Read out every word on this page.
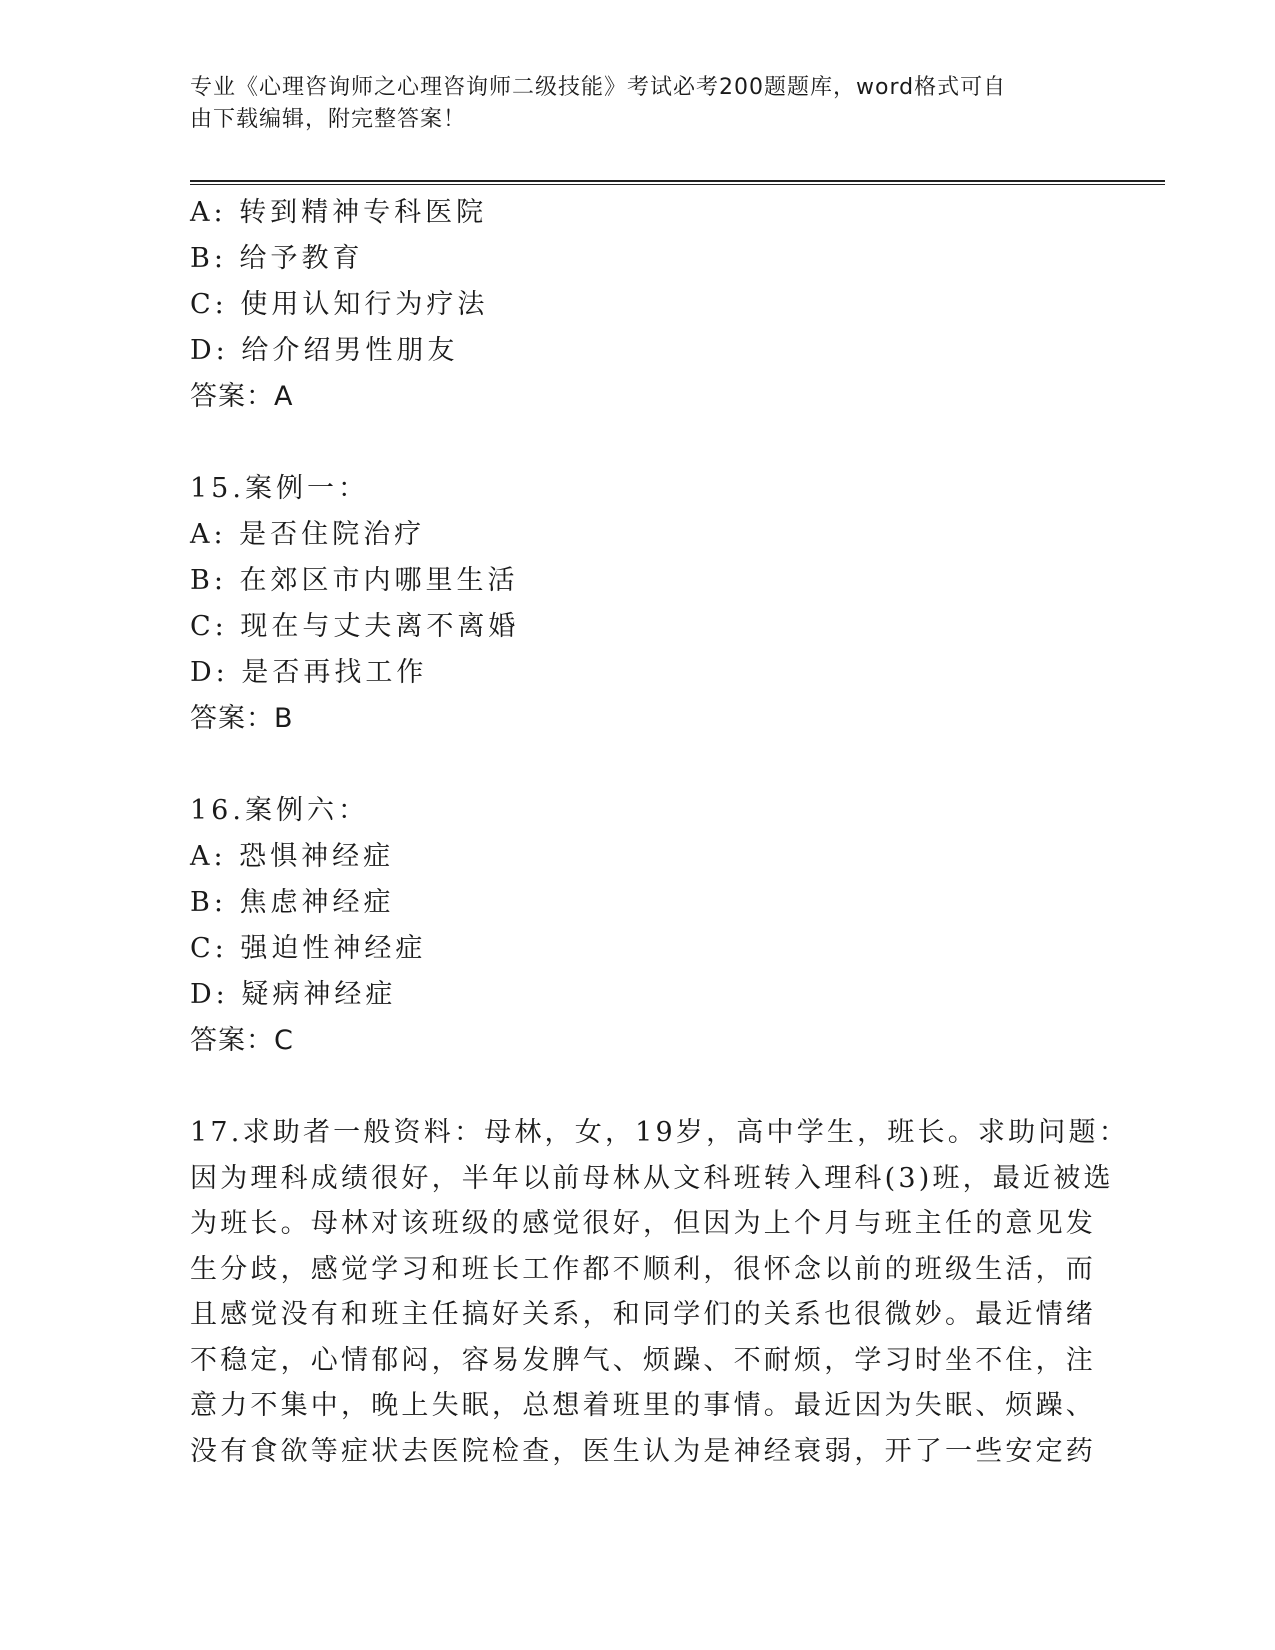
专业《心理咨询师之心理咨询师二级技能》考试必考200题题库，word格式可自
由下载编辑，附完整答案！
A: 转到精神专科医院
B: 给予教育
C: 使用认知行为疗法
D: 给介绍男性朋友
答案：A
15.案例一：
A: 是否住院治疗
B: 在郊区市内哪里生活
C: 现在与丈夫离不离婚
D: 是否再找工作
答案：B
16.案例六：
A: 恐惧神经症
B: 焦虑神经症
C: 强迫性神经症
D: 疑病神经症
答案：C
17.求助者一般资料：母林，女，19岁，高中学生，班长。求助问题：
因为理科成绩很好，半年以前母林从文科班转入理科(3)班，最近被选
为班长。母林对该班级的感觉很好，但因为上个月与班主任的意见发
生分歧，感觉学习和班长工作都不顺利，很怀念以前的班级生活，而
且感觉没有和班主任搞好关系，和同学们的关系也很微妙。最近情绪
不稳定，心情郁闷，容易发脾气、烦躁、不耐烦，学习时坐不住，注
意力不集中，晚上失眠，总想着班里的事情。最近因为失眠、烦躁、
没有食欲等症状去医院检查，医生认为是神经衰弱，开了一些安定药
